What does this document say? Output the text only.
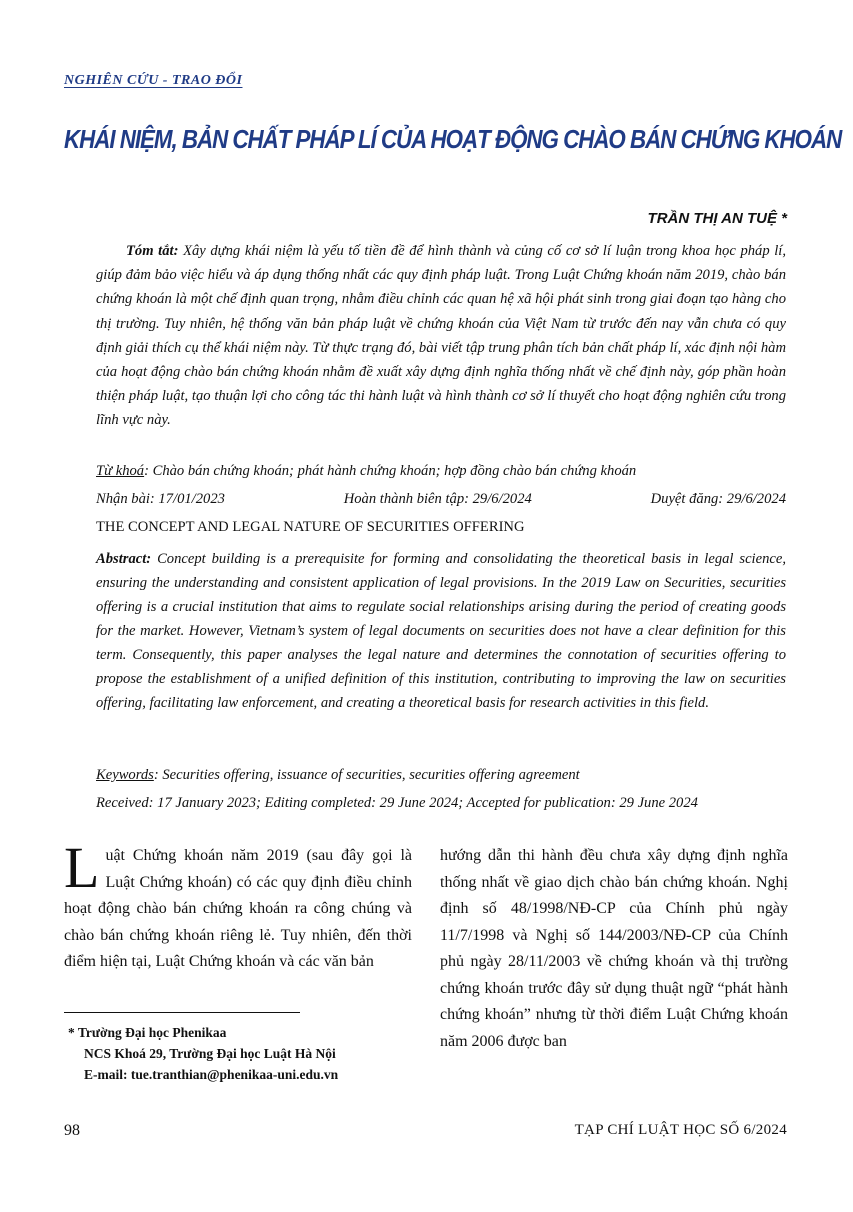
NGHIÊN CỨU - TRAO ĐỔI
KHÁI NIỆM, BẢN CHẤT PHÁP LÍ CỦA HOẠT ĐỘNG CHÀO BÁN CHỨNG KHOÁN
TRẦN THỊ AN TUỆ *
Tóm tắt: Xây dựng khái niệm là yếu tố tiền đề để hình thành và củng cố cơ sở lí luận trong khoa học pháp lí, giúp đảm bảo việc hiểu và áp dụng thống nhất các quy định pháp luật. Trong Luật Chứng khoán năm 2019, chào bán chứng khoán là một chế định quan trọng, nhằm điều chỉnh các quan hệ xã hội phát sinh trong giai đoạn tạo hàng cho thị trường. Tuy nhiên, hệ thống văn bản pháp luật về chứng khoán của Việt Nam từ trước đến nay vẫn chưa có quy định giải thích cụ thể khái niệm này. Từ thực trạng đó, bài viết tập trung phân tích bản chất pháp lí, xác định nội hàm của hoạt động chào bán chứng khoán nhằm đề xuất xây dựng định nghĩa thống nhất về chế định này, góp phần hoàn thiện pháp luật, tạo thuận lợi cho công tác thi hành luật và hình thành cơ sở lí thuyết cho hoạt động nghiên cứu trong lĩnh vực này.
Từ khoá: Chào bán chứng khoán; phát hành chứng khoán; hợp đồng chào bán chứng khoán
Nhận bài: 17/01/2023	Hoàn thành biên tập: 29/6/2024	Duyệt đăng: 29/6/2024
THE CONCEPT AND LEGAL NATURE OF SECURITIES OFFERING
Abstract: Concept building is a prerequisite for forming and consolidating the theoretical basis in legal science, ensuring the understanding and consistent application of legal provisions. In the 2019 Law on Securities, securities offering is a crucial institution that aims to regulate social relationships arising during the period of creating goods for the market. However, Vietnam’s system of legal documents on securities does not have a clear definition for this term. Consequently, this paper analyses the legal nature and determines the connotation of securities offering to propose the establishment of a unified definition of this institution, contributing to improving the law on securities offering, facilitating law enforcement, and creating a theoretical basis for research activities in this field.
Keywords: Securities offering, issuance of securities, securities offering agreement
Received: 17 January 2023; Editing completed: 29 June 2024; Accepted for publication: 29 June 2024
Luật Chứng khoán năm 2019 (sau đây gọi là Luật Chứng khoán) có các quy định điều chỉnh hoạt động chào bán chứng khoán ra công chúng và chào bán chứng khoán riêng lẻ. Tuy nhiên, đến thời điểm hiện tại, Luật Chứng khoán và các văn bản
hướng dẫn thi hành đều chưa xây dựng định nghĩa thống nhất về giao dịch chào bán chứng khoán. Nghị định số 48/1998/NĐ-CP của Chính phủ ngày 11/7/1998 và Nghị số 144/2003/NĐ-CP của Chính phủ ngày 28/11/2003 về chứng khoán và thị trường chứng khoán trước đây sử dụng thuật ngữ “phát hành chứng khoán” nhưng từ thời điểm Luật Chứng khoán năm 2006 được ban
* Trường Đại học Phenikaa
NCS Khoá 29, Trường Đại học Luật Hà Nội
E-mail: tue.tranthian@phenikaa-uni.edu.vn
98	TẠP CHÍ LUẬT HỌC SỐ 6/2024
